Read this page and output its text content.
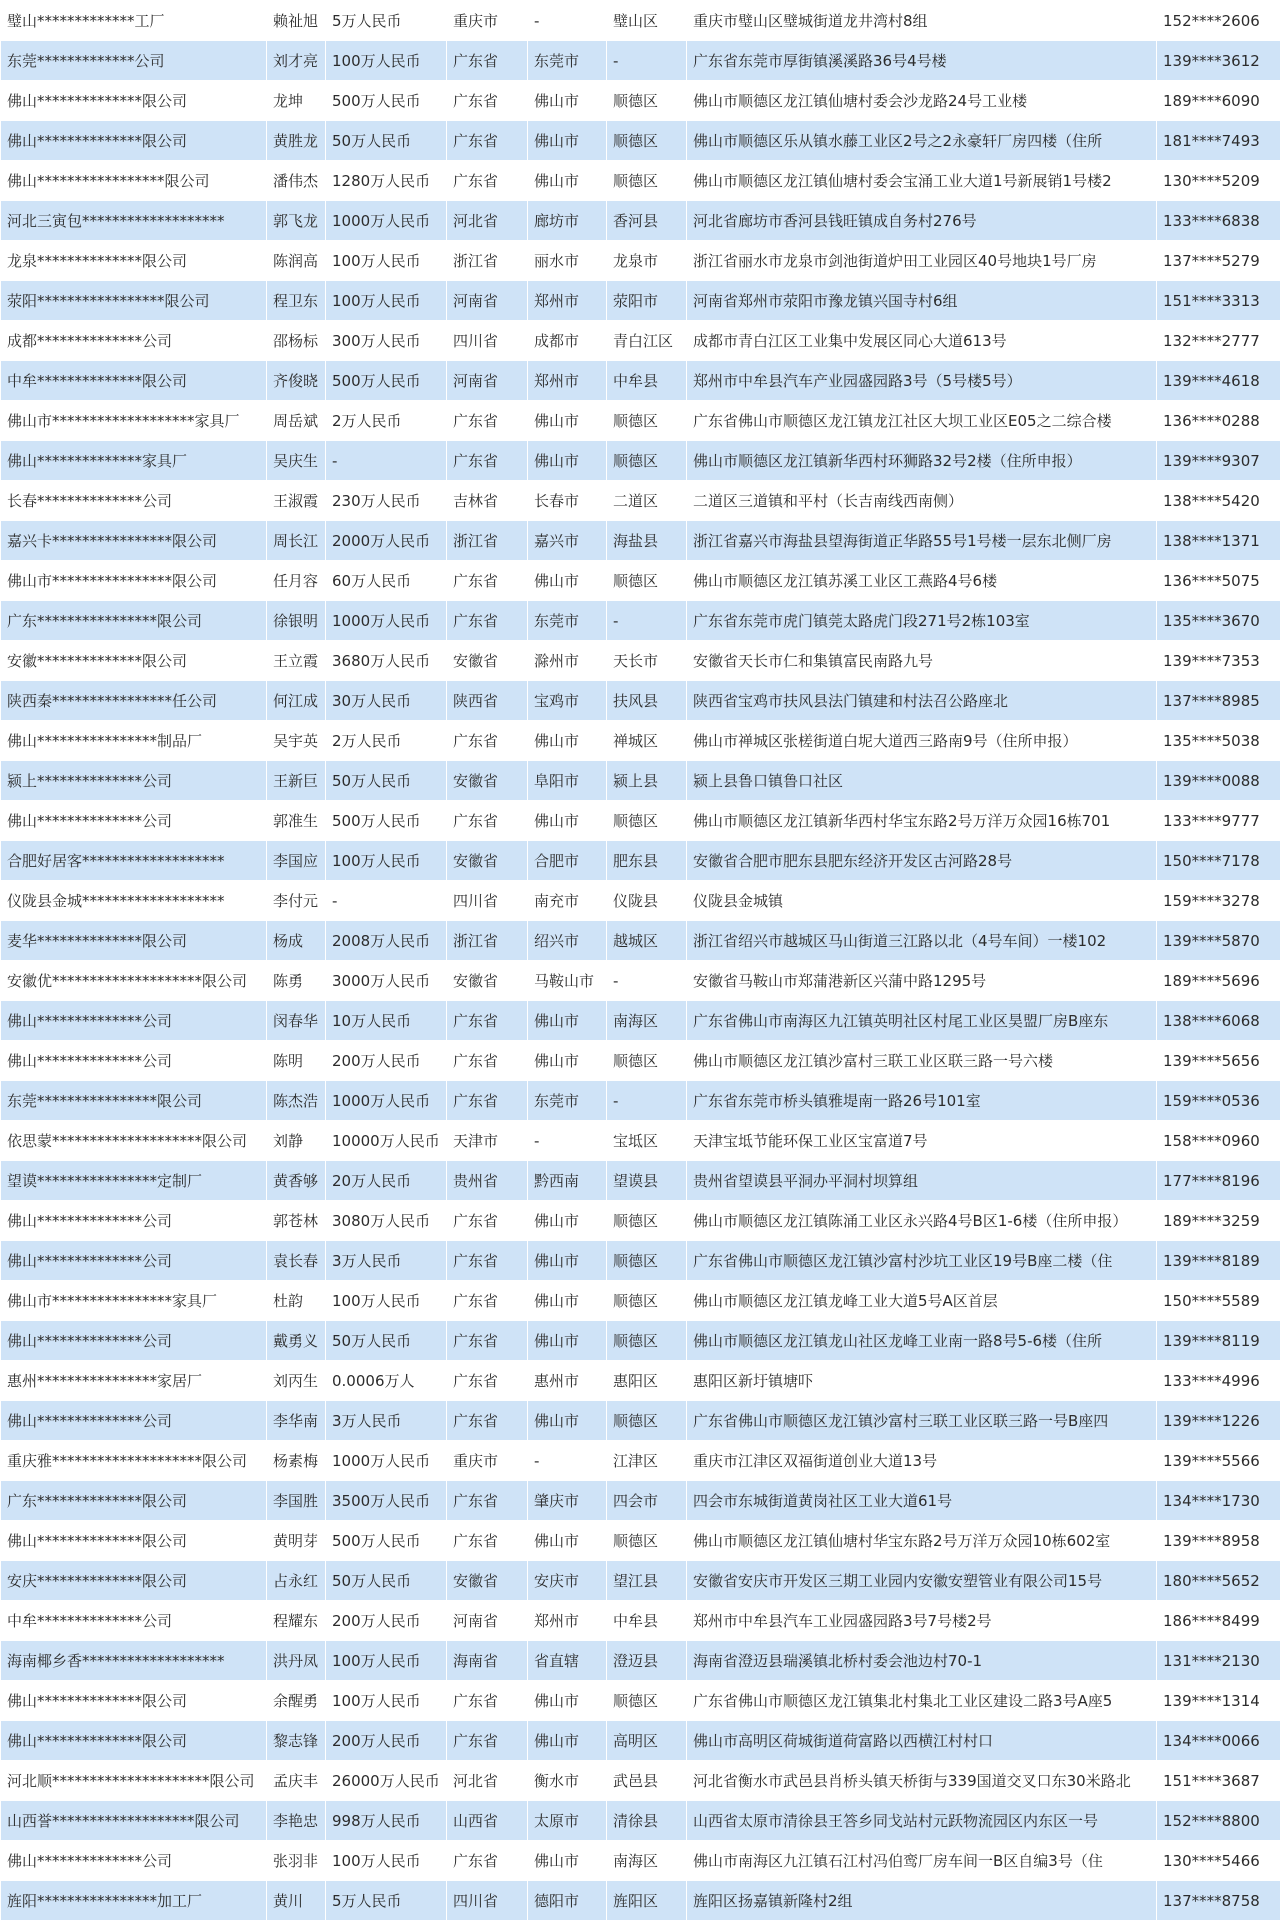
璧山*************工厂	赖祉旭	5万人民币	重庆市	-	璧山区	重庆市璧山区璧城街道龙井湾村8组	152****2606
东莞*************公司	刘才亮	100万人民币	广东省	东莞市	-	广东省东莞市厚街镇溪溪路36号4号楼	139****3612
佛山**************限公司	龙坤	500万人民币	广东省	佛山市	顺德区	佛山市顺德区龙江镇仙塘村委会沙龙路24号工业楼	189****6090
佛山**************限公司	黄胜龙	50万人民币	广东省	佛山市	顺德区	佛山市顺德区乐从镇水藤工业区2号之2永豪轩厂房四楼（住所	181****7493
佛山*****************限公司	潘伟杰	1280万人民币	广东省	佛山市	顺德区	佛山市顺德区龙江镇仙塘村委会宝涌工业大道1号新展销1号楼2	130****5209
河北三寅包*******************	郭飞龙	1000万人民币	河北省	廊坊市	香河县	河北省廊坊市香河县钱旺镇成自务村276号	133****6838
龙泉**************限公司	陈润高	100万人民币	浙江省	丽水市	龙泉市	浙江省丽水市龙泉市剑池街道炉田工业园区40号地块1号厂房	137****5279
荥阳*****************限公司	程卫东	100万人民币	河南省	郑州市	荥阳市	河南省郑州市荥阳市豫龙镇兴国寺村6组	151****3313
成都**************公司	邵杨标	300万人民币	四川省	成都市	青白江区	成都市青白江区工业集中发展区同心大道613号	132****2777
中牟**************限公司	齐俊晓	500万人民币	河南省	郑州市	中牟县	郑州市中牟县汽车产业园盛园路3号（5号楼5号）	139****4618
佛山市*******************家具厂	周岳斌	2万人民币	广东省	佛山市	顺德区	广东省佛山市顺德区龙江镇龙江社区大坝工业区E05之二综合楼	136****0288
佛山**************家具厂	吴庆生	-	广东省	佛山市	顺德区	佛山市顺德区龙江镇新华西村环狮路32号2楼（住所申报）	139****9307
长春**************公司	王淑霞	230万人民币	吉林省	长春市	二道区	二道区三道镇和平村（长吉南线西南侧）	138****5420
嘉兴卡****************限公司	周长江	2000万人民币	浙江省	嘉兴市	海盐县	浙江省嘉兴市海盐县望海街道正华路55号1号楼一层东北侧厂房	138****1371
佛山市****************限公司	任月容	60万人民币	广东省	佛山市	顺德区	佛山市顺德区龙江镇苏溪工业区工燕路4号6楼	136****5075
广东****************限公司	徐银明	1000万人民币	广东省	东莞市	-	广东省东莞市虎门镇莞太路虎门段271号2栋103室	135****3670
安徽**************限公司	王立霞	3680万人民币	安徽省	滁州市	天长市	安徽省天长市仁和集镇富民南路九号	139****7353
陕西秦****************任公司	何江成	30万人民币	陕西省	宝鸡市	扶风县	陕西省宝鸡市扶风县法门镇建和村法召公路座北	137****8985
佛山****************制品厂	吴宇英	2万人民币	广东省	佛山市	禅城区	佛山市禅城区张槎街道白坭大道西三路南9号（住所申报）	135****5038
颍上**************公司	王新巨	50万人民币	安徽省	阜阳市	颍上县	颍上县鲁口镇鲁口社区	139****0088
佛山**************公司	郭准生	500万人民币	广东省	佛山市	顺德区	佛山市顺德区龙江镇新华西村华宝东路2号万洋万众园16栋701	133****9777
合肥好居客*******************	李国应	100万人民币	安徽省	合肥市	肥东县	安徽省合肥市肥东县肥东经济开发区古河路28号	150****7178
仪陇县金城*******************	李付元	-	四川省	南充市	仪陇县	仪陇县金城镇	159****3278
麦华**************限公司	杨成	2008万人民币	浙江省	绍兴市	越城区	浙江省绍兴市越城区马山街道三江路以北（4号车间）一楼102	139****5870
安徽优********************限公司	陈勇	3000万人民币	安徽省	马鞍山市	-	安徽省马鞍山市郑蒲港新区兴蒲中路1295号	189****5696
佛山**************公司	闵春华	10万人民币	广东省	佛山市	南海区	广东省佛山市南海区九江镇英明社区村尾工业区昊盟厂房B座东	138****6068
佛山**************公司	陈明	200万人民币	广东省	佛山市	顺德区	佛山市顺德区龙江镇沙富村三联工业区联三路一号六楼	139****5656
东莞****************限公司	陈杰浩	1000万人民币	广东省	东莞市	-	广东省东莞市桥头镇雅堤南一路26号101室	159****0536
依思蒙********************限公司	刘静	10000万人民币	天津市	-	宝坻区	天津宝坻节能环保工业区宝富道7号	158****0960
望谟****************定制厂	黄香够	20万人民币	贵州省	黔西南	望谟县	贵州省望谟县平洞办平洞村坝算组	177****8196
佛山**************公司	郭苍林	3080万人民币	广东省	佛山市	顺德区	佛山市顺德区龙江镇陈涌工业区永兴路4号B区1-6楼（住所申报）	189****3259
佛山**************公司	袁长春	3万人民币	广东省	佛山市	顺德区	广东省佛山市顺德区龙江镇沙富村沙坑工业区19号B座二楼（住	139****8189
佛山市****************家具厂	杜韵	100万人民币	广东省	佛山市	顺德区	佛山市顺德区龙江镇龙峰工业大道5号A区首层	150****5589
佛山**************公司	戴勇义	50万人民币	广东省	佛山市	顺德区	佛山市顺德区龙江镇龙山社区龙峰工业南一路8号5-6楼（住所	139****8119
惠州****************家居厂	刘丙生	0.0006万人	广东省	惠州市	惠阳区	惠阳区新圩镇塘吓	133****4996
佛山**************公司	李华南	3万人民币	广东省	佛山市	顺德区	广东省佛山市顺德区龙江镇沙富村三联工业区联三路一号B座四	139****1226
重庆雅********************限公司	杨素梅	1000万人民币	重庆市	-	江津区	重庆市江津区双福街道创业大道13号	139****5566
广东**************限公司	李国胜	3500万人民币	广东省	肇庆市	四会市	四会市东城街道黄岗社区工业大道61号	134****1730
佛山**************限公司	黄明芽	500万人民币	广东省	佛山市	顺德区	佛山市顺德区龙江镇仙塘村华宝东路2号万洋万众园10栋602室	139****8958
安庆**************限公司	占永红	50万人民币	安徽省	安庆市	望江县	安徽省安庆市开发区三期工业园内安徽安塑管业有限公司15号	180****5652
中牟**************公司	程耀东	200万人民币	河南省	郑州市	中牟县	郑州市中牟县汽车工业园盛园路3号7号楼2号	186****8499
海南椰乡香*******************	洪丹凤	100万人民币	海南省	省直辖	澄迈县	海南省澄迈县瑞溪镇北桥村委会池边村70-1	131****2130
佛山**************限公司	余醒勇	100万人民币	广东省	佛山市	顺德区	广东省佛山市顺德区龙江镇集北村集北工业区建设二路3号A座5	139****1314
佛山**************限公司	黎志锋	200万人民币	广东省	佛山市	高明区	佛山市高明区荷城街道荷富路以西横江村村口	134****0066
河北顺*********************限公司	孟庆丰	26000万人民币	河北省	衡水市	武邑县	河北省衡水市武邑县肖桥头镇天桥街与339国道交叉口东30米路北	151****3687
山西誉*******************限公司	李艳忠	998万人民币	山西省	太原市	清徐县	山西省太原市清徐县王答乡同戈站村元跃物流园区内东区一号	152****8800
佛山**************公司	张羽非	100万人民币	广东省	佛山市	南海区	佛山市南海区九江镇石江村冯伯鸾厂房车间一B区自编3号（住	130****5466
旌阳****************加工厂	黄川	5万人民币	四川省	德阳市	旌阳区	旌阳区扬嘉镇新隆村2组	137****8758
